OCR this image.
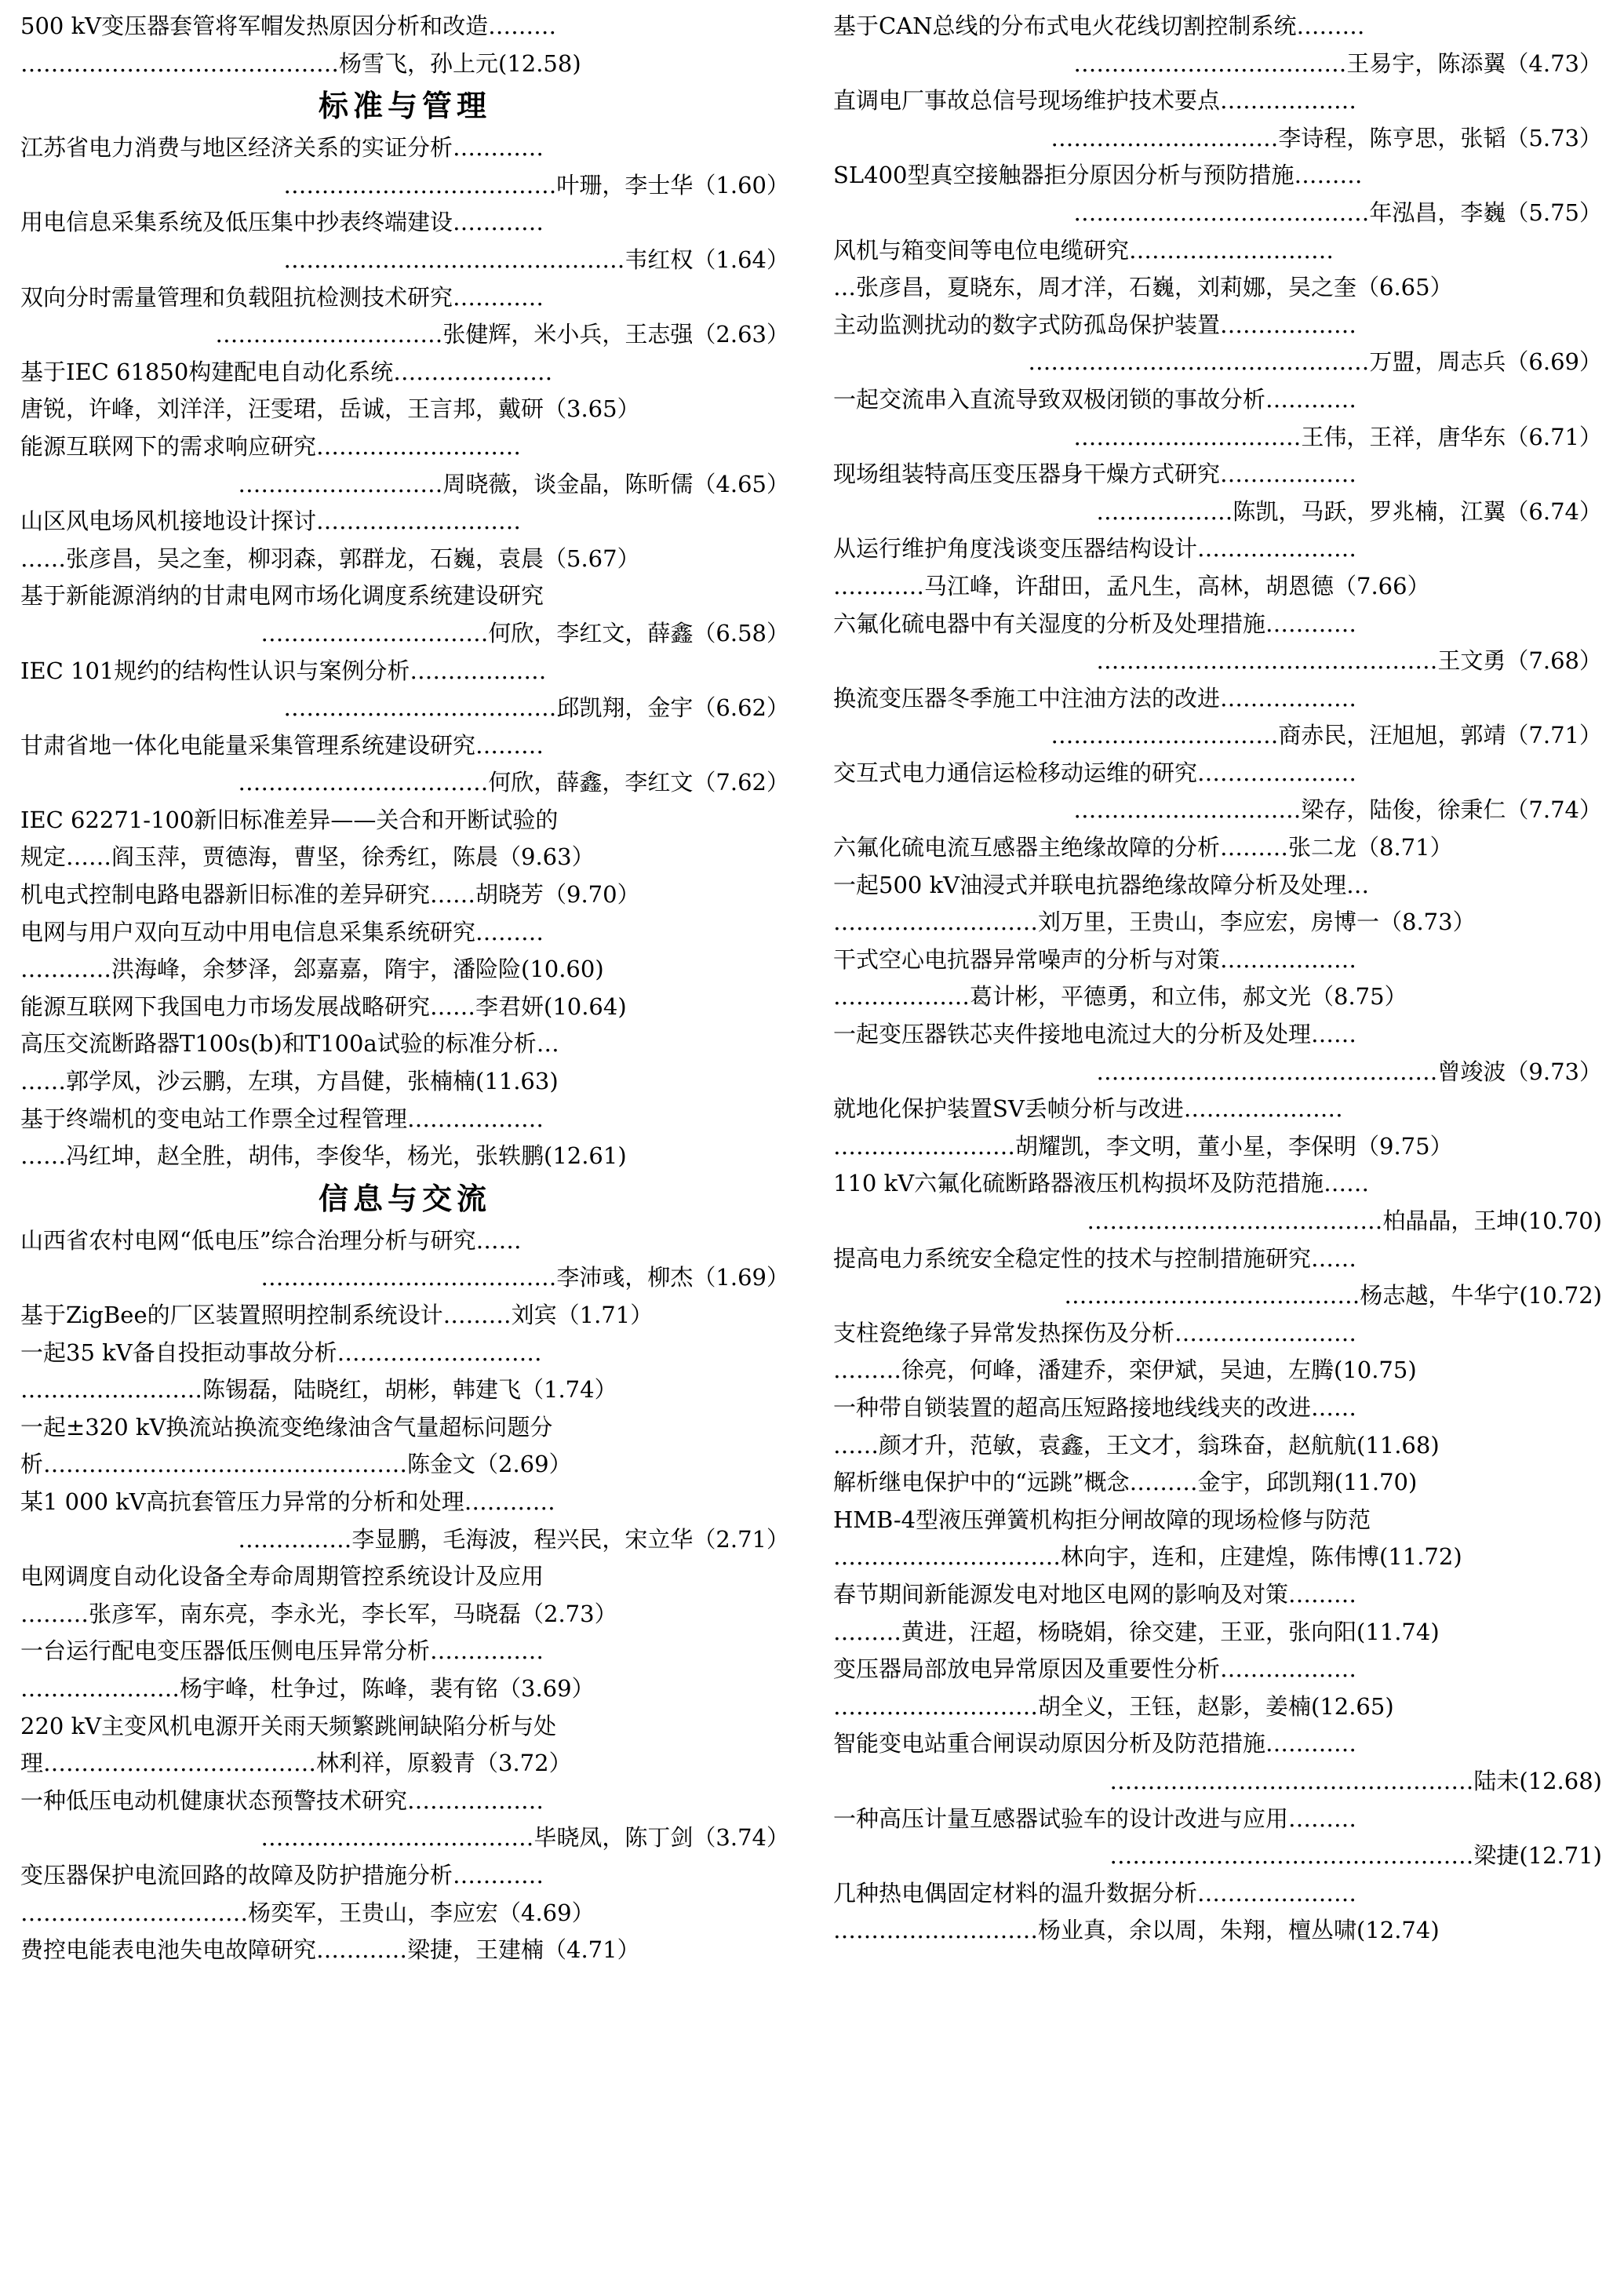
500 kV变压器套管将军帽发热原因分析和改造………
……………………………………杨雪飞，孙上元(12.58)
标准与管理
江苏省电力消费与地区经济关系的实证分析…………
………………………………叶珊，李士华（1.60）
用电信息采集系统及低压集中抄表终端建设…………
………………………………………韦红权（1.64）
双向分时需量管理和负载阻抗检测技术研究…………
…………………………张健辉，米小兵，王志强（2.63）
基于IEC 61850构建配电自动化系统…………………
唐锐，许峰，刘洋洋，汪雯珺，岳诚，王言邦，戴研（3.65）
能源互联网下的需求响应研究………………………
………………………周晓薇，谈金晶，陈昕儒（4.65）
山区风电场风机接地设计探讨………………………
……张彦昌，吴之奎，柳羽森，郭群龙，石巍，袁晨（5.67）
基于新能源消纳的甘肃电网市场化调度系统建设研究
…………………………何欣，李红文，薛鑫（6.58）
IEC 101规约的结构性认识与案例分析………………
………………………………邱凯翔，金宇（6.62）
甘肃省地一体化电能量采集管理系统建设研究………
……………………………何欣，薛鑫，李红文（7.62）
IEC 62271-100新旧标准差异——关合和开断试验的
规定……阎玉萍，贾德海，曹坚，徐秀红，陈晨（9.63）
机电式控制电路电器新旧标准的差异研究……胡晓芳（9.70）
电网与用户双向互动中用电信息采集系统研究………
…………洪海峰，余梦泽，郐嘉嘉，隋宇，潘险险(10.60)
能源互联网下我国电力市场发展战略研究……李君妍(10.64)
高压交流断路器T100s(b)和T100a试验的标准分析…
……郭学凤，沙云鹏，左琪，方昌健，张楠楠(11.63)
基于终端机的变电站工作票全过程管理………………
……冯红坤，赵全胜，胡伟，李俊华，杨光，张轶鹏(12.61)
信息与交流
山西省农村电网“低电压”综合治理分析与研究……
…………………………………李沛彧，柳杰（1.69）
基于ZigBee的厂区装置照明控制系统设计………刘宾（1.71）
一起35 kV备自投拒动事故分析………………………
……………………陈锡磊，陆晓红，胡彬，韩建飞（1.74）
一起±320 kV换流站换流变绝缘油含气量超标问题分
析…………………………………………陈金文（2.69）
某1 000 kV高抗套管压力异常的分析和处理…………
……………李显鹏，毛海波，程兴民，宋立华（2.71）
电网调度自动化设备全寿命周期管控系统设计及应用
………张彦军，南东亮，李永光，李长军，马晓磊（2.73）
一台运行配电变压器低压侧电压异常分析……………
…………………杨宇峰，杜争过，陈峰，裴有铭（3.69）
220 kV主变风机电源开关雨天频繁跳闸缺陷分析与处
理………………………………林利祥，原毅青（3.72）
一种低压电动机健康状态预警技术研究………………
………………………………毕晓凤，陈丁剑（3.74）
变压器保护电流回路的故障及防护措施分析…………
…………………………杨奕军，王贵山，李应宏（4.69）
费控电能表电池失电故障研究…………梁捷，王建楠（4.71）
基于CAN总线的分布式电火花线切割控制系统………
………………………………王易宇，陈添翼（4.73）
直调电厂事故总信号现场维护技术要点………………
…………………………李诗程，陈亨思，张韬（5.73）
SL400型真空接触器拒分原因分析与预防措施………
…………………………………年泓昌，李巍（5.75）
风机与箱变间等电位电缆研究………………………
…张彦昌，夏晓东，周才洋，石巍，刘莉娜，吴之奎（6.65）
主动监测扰动的数字式防孤岛保护装置………………
………………………………………万盟，周志兵（6.69）
一起交流串入直流导致双极闭锁的事故分析…………
…………………………王伟，王祥，唐华东（6.71）
现场组装特高压变压器身干燥方式研究………………
………………陈凯，马跃，罗兆楠，江翼（6.74）
从运行维护角度浅谈变压器结构设计…………………
…………马江峰，许甜田，孟凡生，高林，胡恩德（7.66）
六氟化硫电器中有关湿度的分析及处理措施…………
………………………………………王文勇（7.68）
换流变压器冬季施工中注油方法的改进………………
…………………………商赤民，汪旭旭，郭靖（7.71）
交互式电力通信运检移动运维的研究…………………
…………………………梁存，陆俊，徐秉仁（7.74）
六氟化硫电流互感器主绝缘故障的分析………张二龙（8.71）
一起500 kV油浸式并联电抗器绝缘故障分析及处理…
………………………刘万里，王贵山，李应宏，房博一（8.73）
干式空心电抗器异常噪声的分析与对策………………
………………葛计彬，平德勇，和立伟，郝文光（8.75）
一起变压器铁芯夹件接地电流过大的分析及处理……
………………………………………曾竣波（9.73）
就地化保护装置SV丢帧分析与改进…………………
……………………胡耀凯，李文明，董小星，李保明（9.75）
110 kV六氟化硫断路器液压机构损坏及防范措施……
…………………………………柏晶晶，王坤(10.70)
提高电力系统安全稳定性的技术与控制措施研究……
…………………………………杨志越，牛华宁(10.72)
支柱瓷绝缘子异常发热探伤及分析……………………
………徐亮，何峰，潘建乔，栾伊斌，吴迪，左腾(10.75)
一种带自锁装置的超高压短路接地线线夹的改进……
……颜才升，范敏，袁鑫，王文才，翁珠奋，赵航航(11.68)
解析继电保护中的“远跳”概念………金宇，邱凯翔(11.70)
HMB-4型液压弹簧机构拒分闸故障的现场检修与防范
…………………………林向宇，连和，庄建煌，陈伟博(11.72)
春节期间新能源发电对地区电网的影响及对策………
………黄进，汪超，杨晓娟，徐交建，王亚，张向阳(11.74)
变压器局部放电异常原因及重要性分析………………
………………………胡全义，王钰，赵影，姜楠(12.65)
智能变电站重合闸误动原因分析及防范措施…………
…………………………………………陆未(12.68)
一种高压计量互感器试验车的设计改进与应用………
…………………………………………梁捷(12.71)
几种热电偶固定材料的温升数据分析…………………
………………………杨业真，余以周，朱翔，檀丛啸(12.74)
